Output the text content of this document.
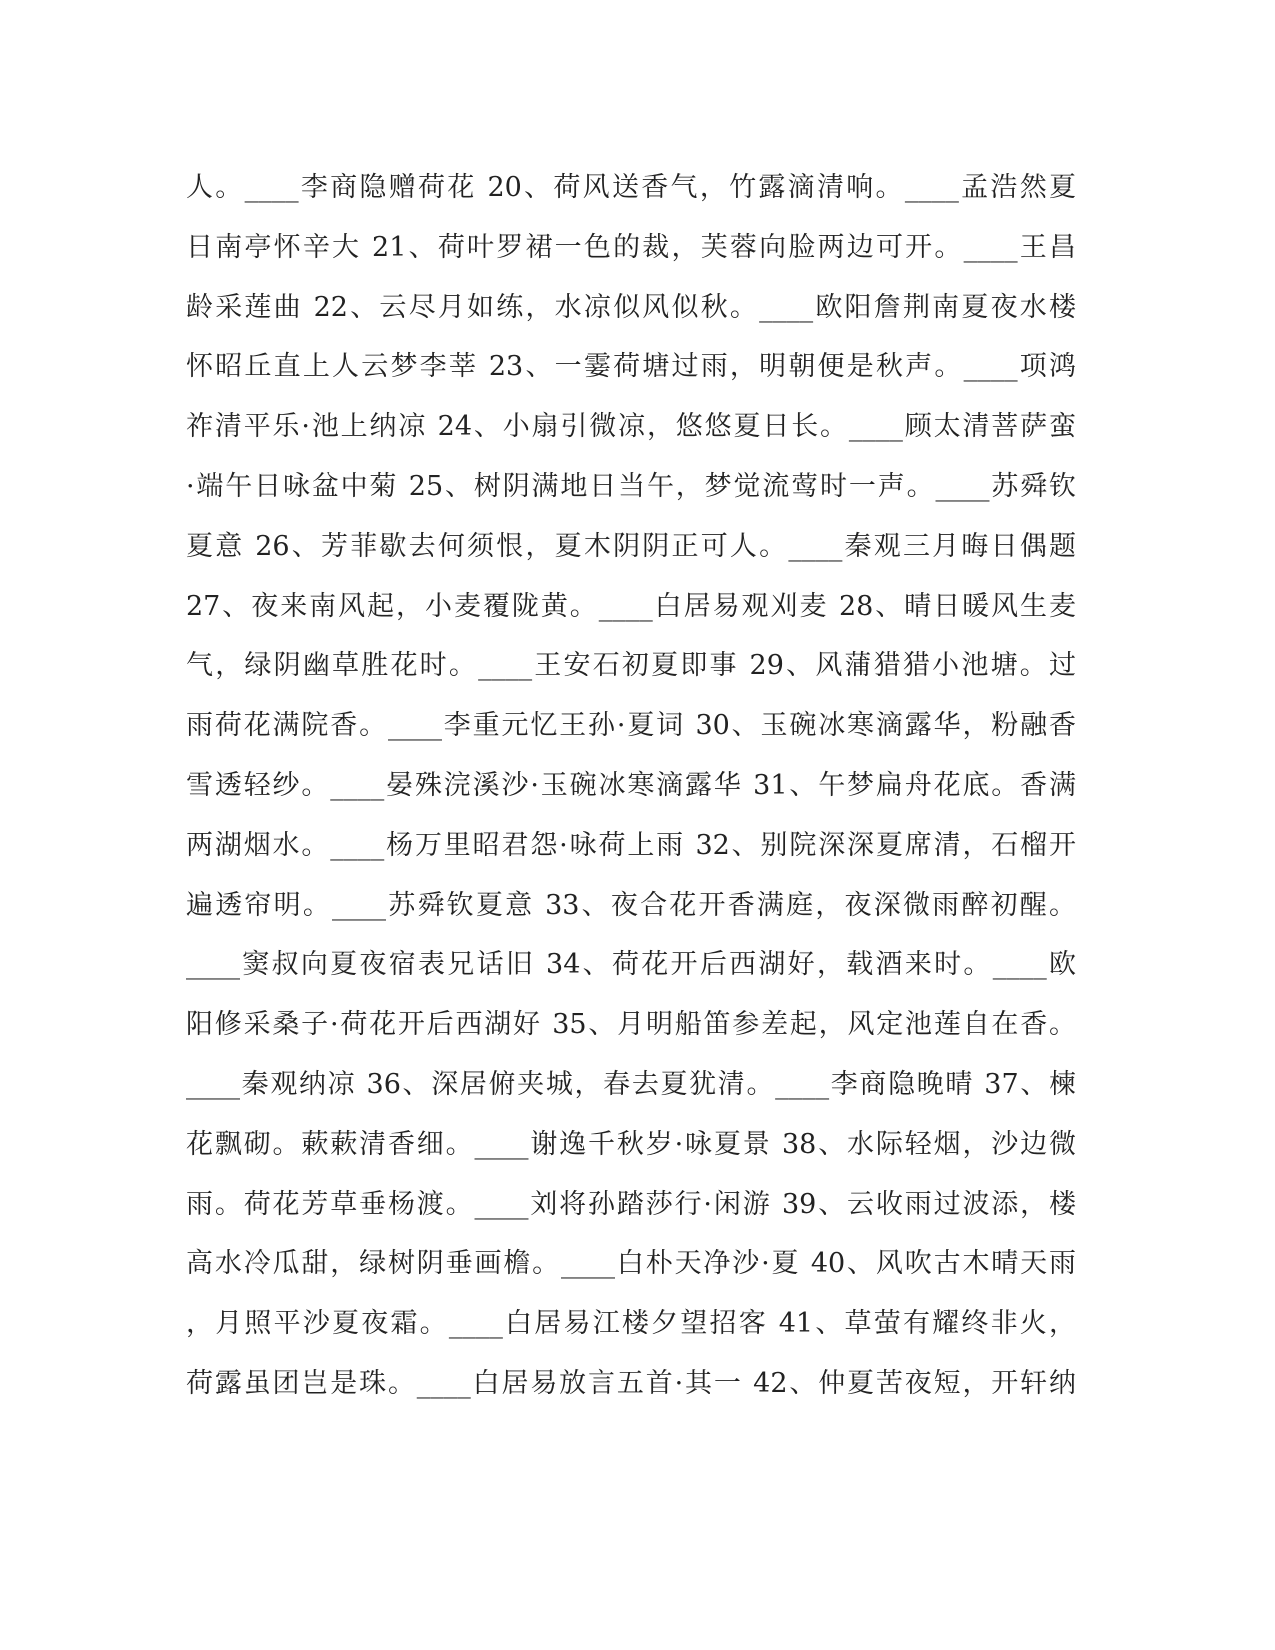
人。____李商隐赠荷花 20、荷风送香气，竹露滴清响。____孟浩然夏
日南亭怀辛大 21、荷叶罗裙一色的裁，芙蓉向脸两边可开。____王昌
龄采莲曲 22、云尽月如练，水凉似风似秋。____欧阳詹荆南夏夜水楼
怀昭丘直上人云梦李莘 23、一霎荷塘过雨，明朝便是秋声。____项鸿
祚清平乐·池上纳凉 24、小扇引微凉，悠悠夏日长。____顾太清菩萨蛮
·端午日咏盆中菊 25、树阴满地日当午，梦觉流莺时一声。____苏舜钦
夏意 26、芳菲歇去何须恨，夏木阴阴正可人。____秦观三月晦日偶题
27、夜来南风起，小麦覆陇黄。____白居易观刈麦 28、晴日暖风生麦
气，绿阴幽草胜花时。____王安石初夏即事 29、风蒲猎猎小池塘。过
雨荷花满院香。____李重元忆王孙·夏词 30、玉碗冰寒滴露华，粉融香
雪透轻纱。____晏殊浣溪沙·玉碗冰寒滴露华 31、午梦扁舟花底。香满
两湖烟水。____杨万里昭君怨·咏荷上雨 32、别院深深夏席清，石榴开
遍透帘明。____苏舜钦夏意 33、夜合花开香满庭，夜深微雨醉初醒。
____窦叔向夏夜宿表兄话旧 34、荷花开后西湖好，载酒来时。____欧
阳修采桑子·荷花开后西湖好 35、月明船笛参差起，风定池莲自在香。
____秦观纳凉 36、深居俯夹城，春去夏犹清。____李商隐晚晴 37、楝
花飘砌。蔌蔌清香细。____谢逸千秋岁·咏夏景 38、水际轻烟，沙边微
雨。荷花芳草垂杨渡。____刘将孙踏莎行·闲游 39、云收雨过波添，楼
高水冷瓜甜，绿树阴垂画檐。____白朴天净沙·夏 40、风吹古木晴天雨
，月照平沙夏夜霜。____白居易江楼夕望招客 41、草萤有耀终非火，
荷露虽团岂是珠。____白居易放言五首·其一 42、仲夏苦夜短，开轩纳
